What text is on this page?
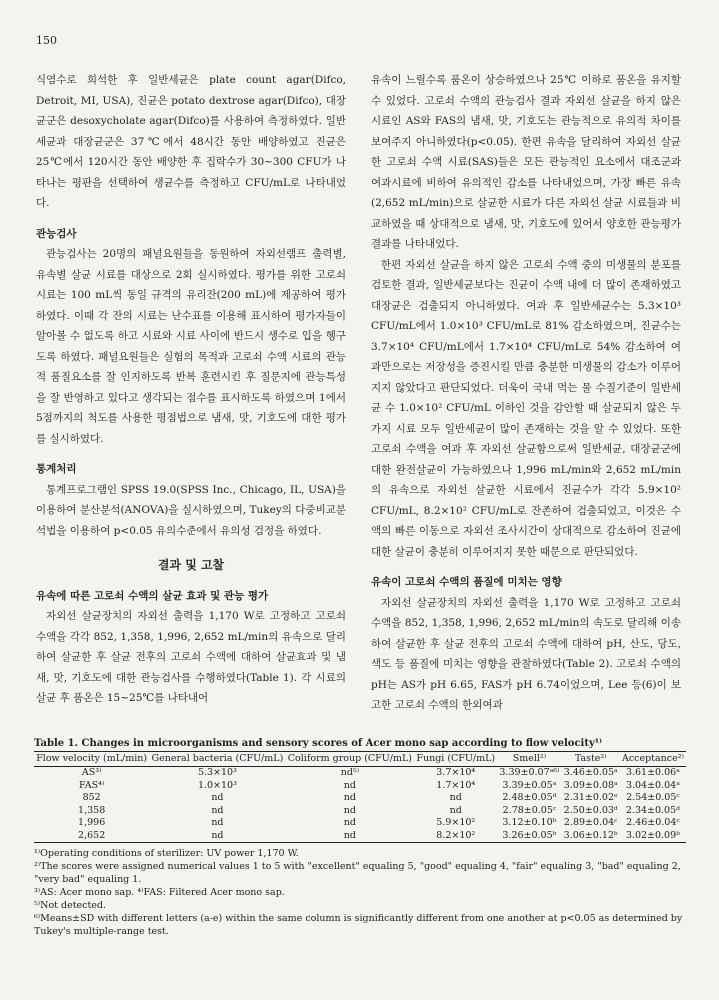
150

식염수로 희석한 후 일반세균은 plate count agar(Difco, Detroit, MI, USA), 진균은 potato dextrose agar(Difco), 대장균군은 desoxycholate agar(Difco)를 사용하여 측정하였다. 일반세균과 대장균군은 37℃에서 48시간 동안 배양하였고 진균은 25℃에서 120시간 동안 배양한 후 집락수가 30~300 CFU가 나타나는 평판을 선택하여 생균수를 측정하고 CFU/mL로 나타내었다.

관능검사

관능검사는 20명의 패널요원들을 동원하여 자외선램프 출력별, 유속별 살균 시료를 대상으로 2회 실시하였다. 평가를 위한 고로쇠 시료는 100 mL씩 동일 규격의 유리잔(200 mL)에 제공하여 평가하였다. 이때 각 잔의 시료는 난수표를 이용해 표시하여 평가자들이 알아볼 수 없도록 하고 시료와 시료 사이에 반드시 생수로 입을 헹구도록 하였다. 패널요원들은 실험의 목적과 고로쇠 수액 시료의 관능적 품질요소를 잘 인지하도록 반복 훈련시킨 후 질문지에 관능특성을 잘 반영하고 있다고 생각되는 점수를 표시하도록 하였으며 1에서 5점까지의 척도를 사용한 평점법으로 냄새, 맛, 기호도에 대한 평가를 실시하였다.

통계처리

통계프로그램인 SPSS 19.0(SPSS Inc., Chicago, IL, USA)을 이용하여 분산분석(ANOVA)을 실시하였으며, Tukey의 다중비교분석법을 이용하여 p<0.05 유의수준에서 유의성 검정을 하였다.

결과 및 고찰
유속에 따른 고로쇠 수액의 살균 효과 및 관능 평가

자외선 살균장치의 자외선 출력을 1,170 W로 고정하고 고로쇠 수액을 각각 852, 1,358, 1,996, 2,652 mL/min의 유속으로 달리하여 살균한 후 살균 전후의 고로쇠 수액에 대하여 살균효과 및 냄새, 맛, 기호도에 대한 관능검사를 수행하였다(Table 1). 각 시료의 살균 후 품온은 15~25℃를 나타내어

유속이 느릴수록 품온이 상승하였으나 25℃ 이하로 품온을 유지할 수 있었다. 고로쇠 수액의 관능검사 결과 자외선 살균을 하지 않은 시료인 AS와 FAS의 냄새, 맛, 기호도는 관능적으로 유의적 차이를 보여주지 아니하였다(p<0.05). 한편 유속을 달리하여 자외선 살균한 고로쇠 수액 시료(SAS)들은 모든 관능적인 요소에서 대조군과 여과시료에 비하여 유의적인 감소를 나타내었으며, 가장 빠른 유속(2,652 mL/min)으로 살균한 시료가 다른 자외선 살균 시료들과 비교하였을 때 상대적으로 냄새, 맛, 기호도에 있어서 양호한 관능평가 결과를 나타내었다.

한편 자외선 살균을 하지 않은 고로쇠 수액 중의 미생물의 분포를 검토한 결과, 일반세균보다는 진균이 수액 내에 더 많이 존재하였고 대장균은 검출되지 아니하였다. 여과 후 일반세균수는 5.3×10³ CFU/mL에서 1.0×10³ CFU/mL로 81% 감소하였으며, 진균수는 3.7×10⁴ CFU/mL에서 1.7×10⁴ CFU/mL로 54% 감소하여 여과만으로는 저장성을 증진시킬 만큼 충분한 미생물의 감소가 이루어지지 않았다고 판단되었다. 더욱이 국내 먹는 물 수질기준이 일반세균 수 1.0×10² CFU/mL 이하인 것을 감안할 때 살균되지 않은 두 가지 시료 모두 일반세균이 많이 존재하는 것을 알 수 있었다. 또한 고로쇠 수액을 여과 후 자외선 살균함으로써 일반세균, 대장균군에 대한 완전살균이 가능하였으나 1,996 mL/min와 2,652 mL/min의 유속으로 자외선 살균한 시료에서 진균수가 각각 5.9×10² CFU/mL, 8.2×10² CFU/mL로 잔존하여 검출되었고, 이것은 수액의 빠른 이동으로 자외선 조사시간이 상대적으로 감소하여 진균에 대한 살균이 충분히 이루어지지 못한 때문으로 판단되었다.

유속이 고로쇠 수액의 품질에 미치는 영향

자외선 살균장치의 자외선 출력을 1,170 W로 고정하고 고로쇠 수액을 852, 1,358, 1,996, 2,652 mL/min의 속도로 달리해 이송하여 살균한 후 살균 전후의 고로쇠 수액에 대하여 pH, 산도, 당도, 색도 등 품질에 미치는 영향을 관찰하였다(Table 2). 고로쇠 수액의 pH는 AS가 pH 6.65, FAS가 pH 6.74이었으며, Lee 등(6)이 보고한 고로쇠 수액의 한외여과

Table 1. Changes in microorganisms and sensory scores of Acer mono sap according to flow velocity¹⁾
Flow velocity (mL/min)	General bacteria (CFU/mL)	Coliform group (CFU/mL)	Fungi (CFU/mL)	Smell²⁾	Taste²⁾	Acceptance²⁾
AS³⁾	5.3×10³	nd⁵⁾	3.7×10⁴	3.39±0.07ᵃ⁶⁾	3.46±0.05ᵃ	3.61±0.06ᵃ
FAS⁴⁾	1.0×10³	nd	1.7×10⁴	3.39±0.05ᵃ	3.09±0.08ᵃ	3.04±0.04ᵃ
852	nd	nd	nd	2.48±0.05ᵈ	2.31±0.02ᵉ	2.54±0.05ᶜ
1,358	nd	nd	nd	2.78±0.05ᶜ	2.50±0.03ᵈ	2.34±0.05ᵈ
1,996	nd	nd	5.9×10²	3.12±0.10ᵇ	2.89±0.04ᶜ	2.46±0.04ᶜ
2,652	nd	nd	8.2×10²	3.26±0.05ᵇ	3.06±0.12ᵇ	3.02±0.09ᵇ

¹⁾Operating conditions of sterilizer: UV power 1,170 W.

²⁾The scores were assigned numerical values 1 to 5 with "excellent" equaling 5, "good" equaling 4, "fair" equaling 3, "bad" equaling 2, "very bad" equaling 1.

³⁾AS: Acer mono sap. ⁴⁾FAS: Filtered Acer mono sap.

⁵⁾Not detected.

⁶⁾Means±SD with different letters (a-e) within the same column is significantly different from one another at p<0.05 as determined by Tukey's multiple-range test.
